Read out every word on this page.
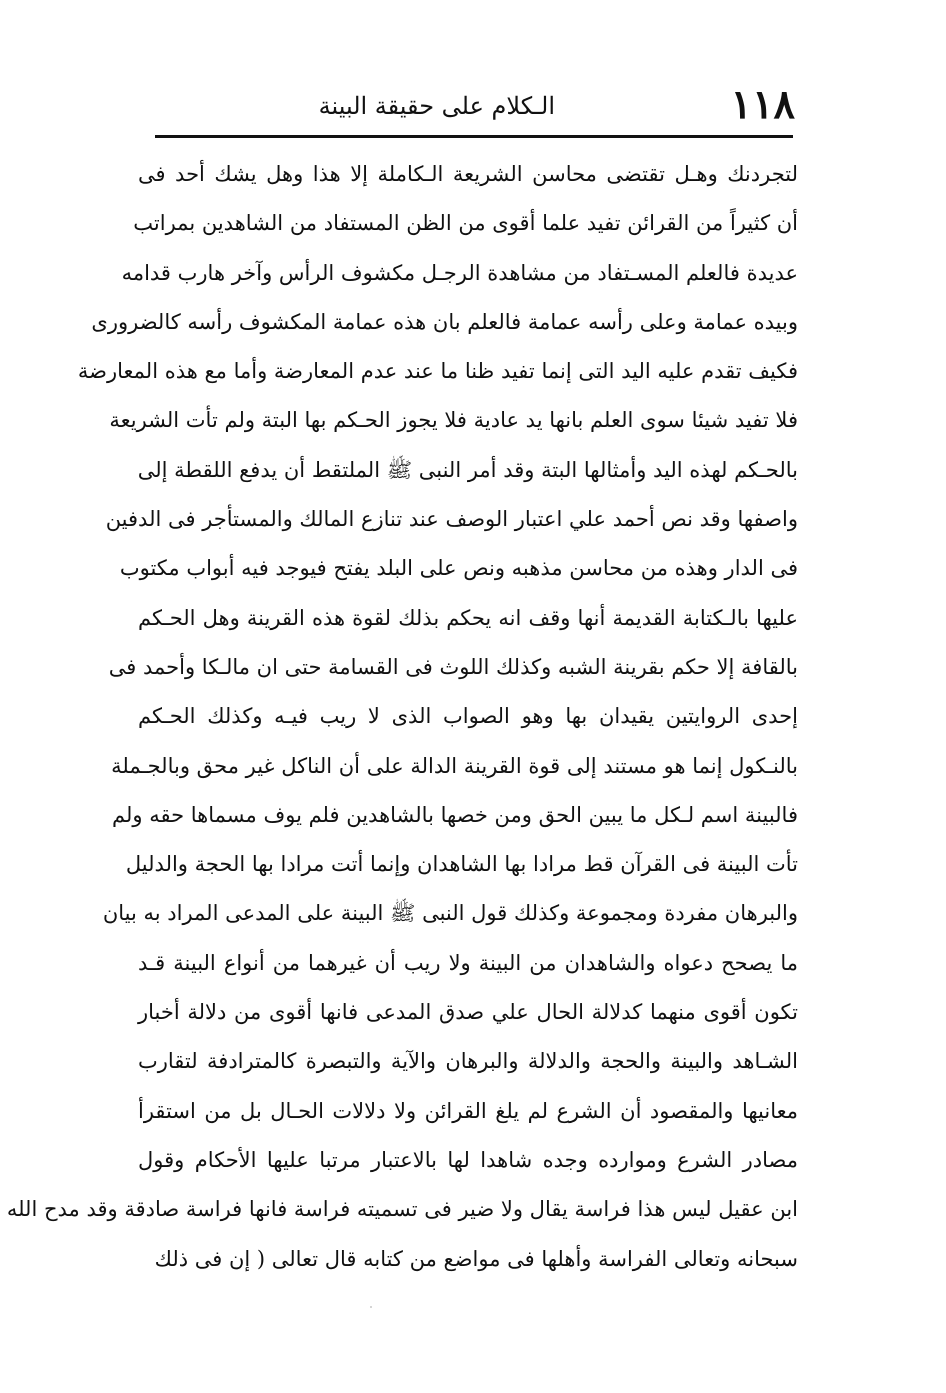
١١٨
الـكلام على حقيقة البينة
لتجردنك وهـل تقتضى محاسن الشريعة الـكاملة إلا هذا وهل يشك أحد فى
أن كثيراً من القرائن تفيد علما أقوى من الظن المستفاد من الشاهدين بمراتب
عديدة فالعلم المسـتفاد من مشاهدة الرجـل مكشوف الرأس وآخر هارب قدامه
وبيده عمامة وعلى رأسه عمامة فالعلم بان هذه عمامة المكشوف رأسه كالضرورى
فكيف تقدم عليه اليد التى إنما تفيد ظنا ما عند عدم المعارضة وأما مع هذه المعارضة
فلا تفيد شيئا سوى العلم بانها يد عادية فلا يجوز الحـكم بها البتة ولم تأت الشريعة
بالحـكم لهذه اليد وأمثالها البتة وقد أمر النبى ﷺ الملتقط أن يدفع اللقطة إلى
واصفها وقد نص أحمد علي اعتبار الوصف عند تنازع المالك والمستأجر فى الدفين
فى الدار وهذه من محاسن مذهبه ونص على البلد يفتح فيوجد فيه أبواب مكتوب
عليها بالـكتابة القديمة أنها وقف انه يحكم بذلك لقوة هذه القرينة وهل الحـكم
بالقافة إلا حكم بقرينة الشبه وكذلك اللوث فى القسامة حتى ان مالـكا وأحمد فى
إحدى الروايتين يقيدان بها وهو الصواب الذى لا ريب فيـه وكذلك الحـكم
بالنـكول إنما هو مستند إلى قوة القرينة الدالة على أن الناكل غير محق وبالجـملة
فالبينة اسم لـكل ما يبين الحق ومن خصها بالشاهدين فلم يوف مسماها حقه ولم
تأت البينة فى القرآن قط مرادا بها الشاهدان وإنما أتت مرادا بها الحجة والدليل
والبرهان مفردة ومجموعة وكذلك قول النبى ﷺ البينة على المدعى المراد به بيان
ما يصحح دعواه والشاهدان من البينة ولا ريب أن غيرهما من أنواع البينة قـد
تكون أقوى منهما كدلالة الحال علي صدق المدعى فانها أقوى من دلالة أخبار
الشـاهد والبينة والحجة والدلالة والبرهان والآية والتبصرة كالمترادفة لتقارب
معانيها والمقصود أن الشرع لم يلغ القرائن ولا دلالات الحـال بل من استقرأ
مصادر الشرع وموارده وجده شاهدا لها بالاعتبار مرتبا عليها الأحكام وقول
ابن عقيل ليس هذا فراسة يقال ولا ضير فى تسميته فراسة فانها فراسة صادقة وقد مدح الله
سبحانه وتعالى الفراسة وأهلها فى مواضع من كتابه قال تعالى ( إن فى ذلك
